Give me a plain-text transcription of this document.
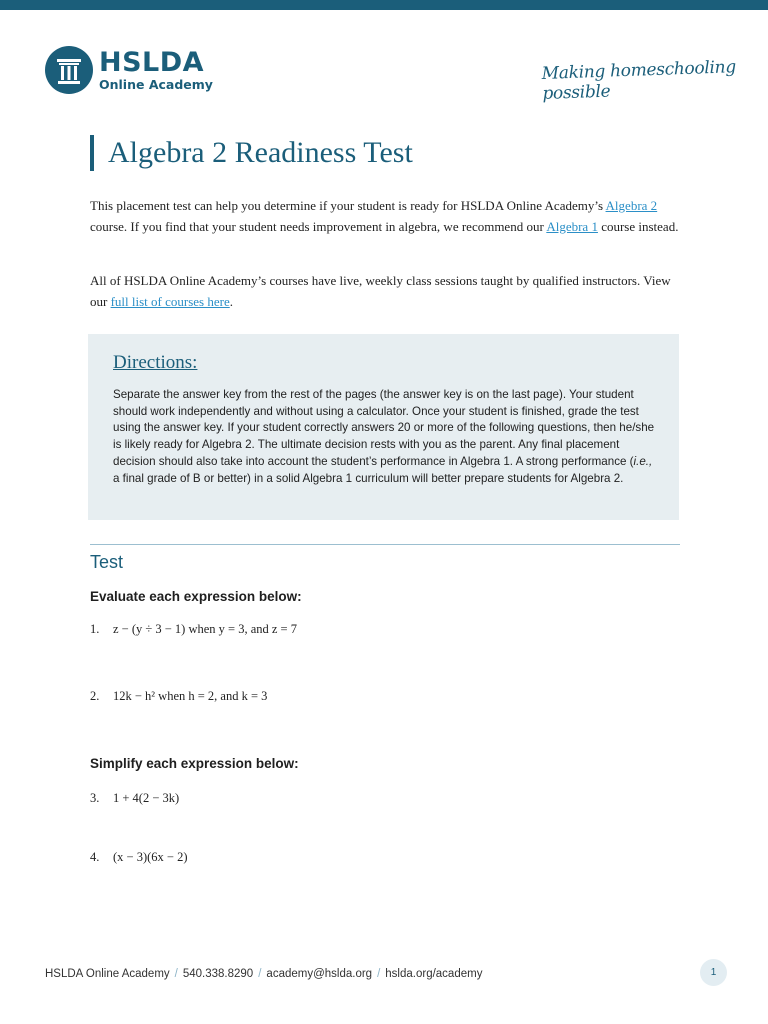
HSLDA
Online Academy
Making homeschooling possible
Algebra 2 Readiness Test
This placement test can help you determine if your student is ready for HSLDA Online Academy’s Algebra 2 course. If you find that your student needs improvement in algebra, we recommend our Algebra 1 course instead.
All of HSLDA Online Academy’s courses have live, weekly class sessions taught by qualified instructors. View our full list of courses here.
Directions:
Separate the answer key from the rest of the pages (the answer key is on the last page). Your student should work independently and without using a calculator. Once your student is finished, grade the test using the answer key. If your student correctly answers 20 or more of the following questions, then he/she is likely ready for Algebra 2. The ultimate decision rests with you as the parent. Any final placement decision should also take into account the student’s performance in Algebra 1. A strong performance (i.e., a final grade of B or better) in a solid Algebra 1 curriculum will better prepare students for Algebra 2.
Test
Evaluate each expression below:
1.	z − (y ÷ 3 − 1) when y = 3, and z = 7
2.	12k − h² when h = 2, and k = 3
Simplify each expression below:
3.	1 + 4(2 − 3k)
4.	(x − 3)(6x − 2)
HSLDA Online Academy / 540.338.8290 / academy@hslda.org / hslda.org/academy	1
